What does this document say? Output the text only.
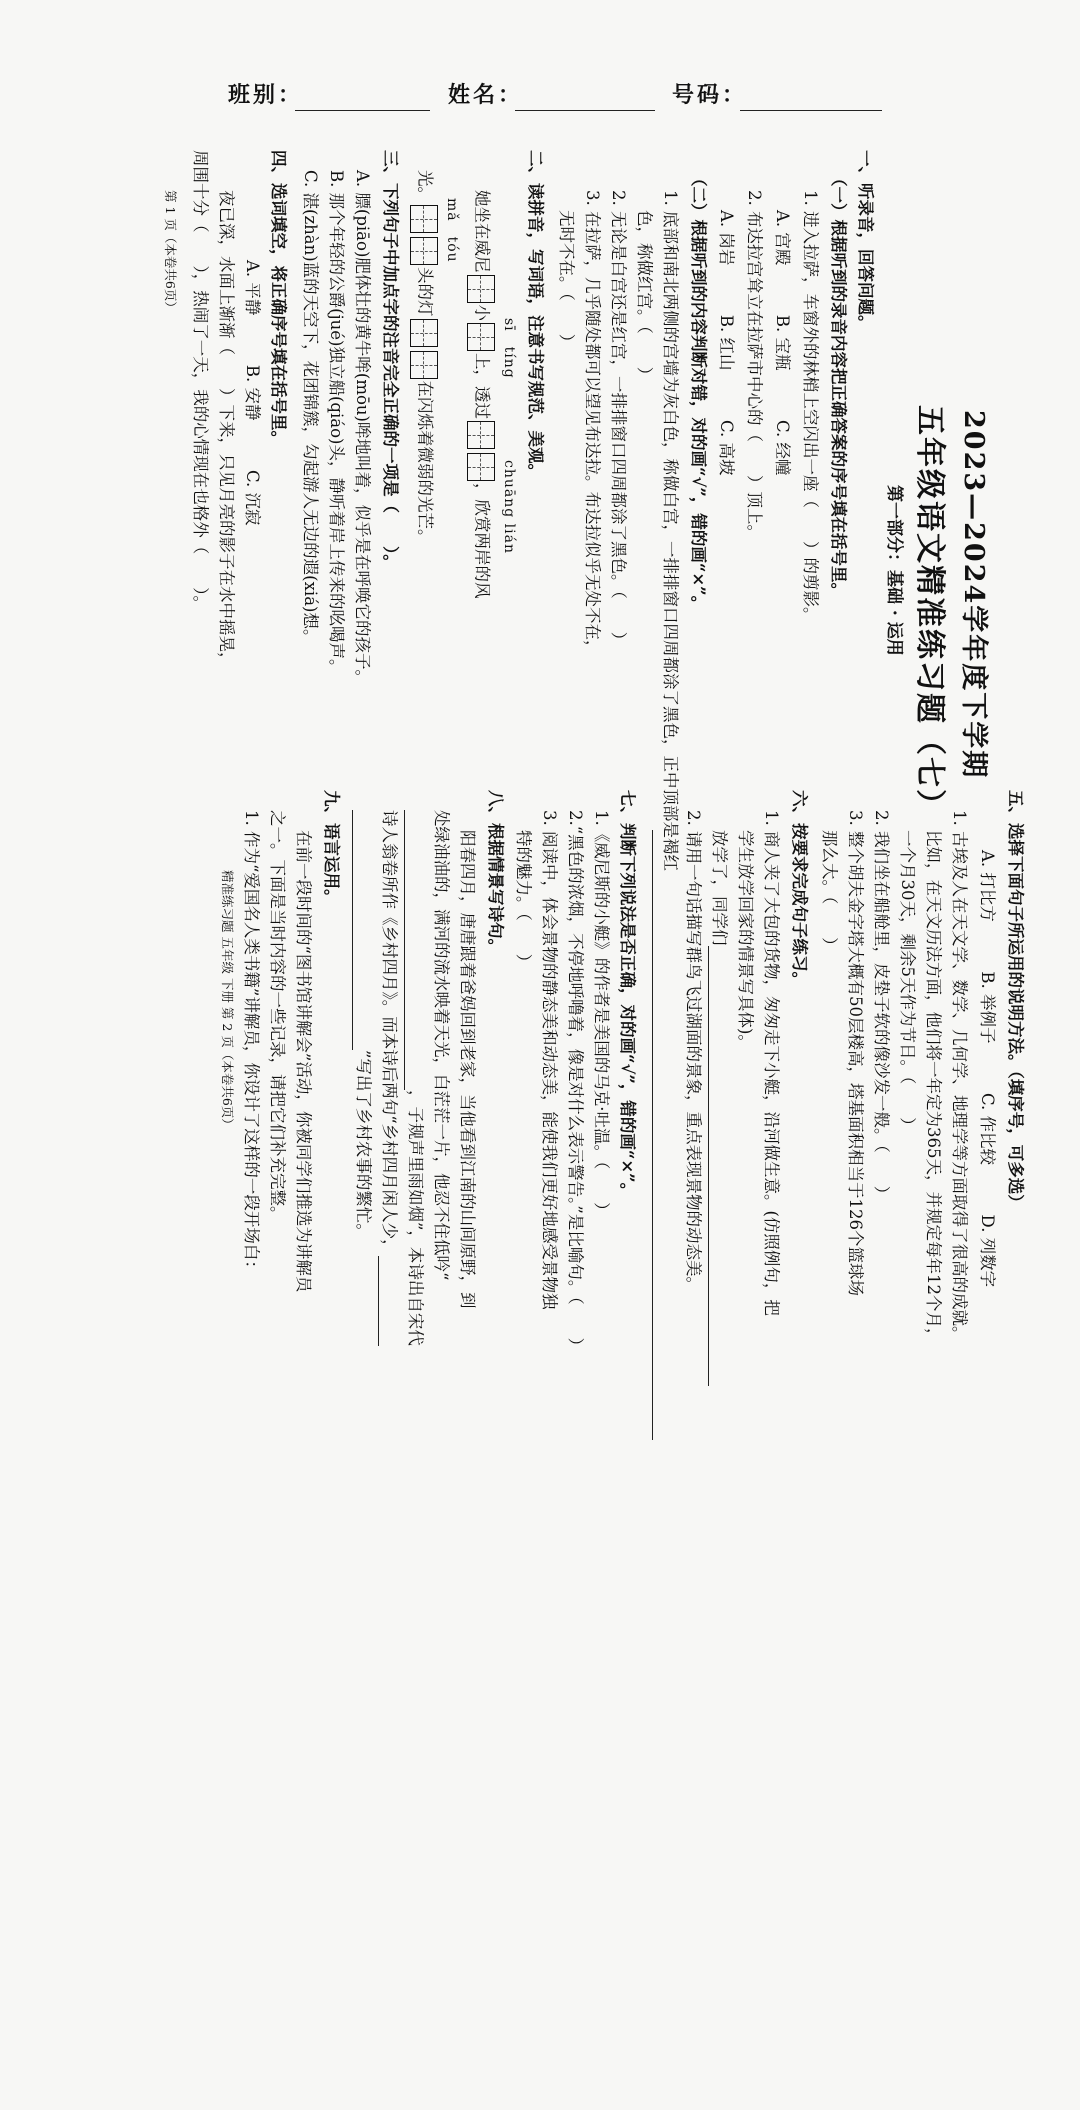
班别：	姓名：	号码：
2023—2024学年度下学期
五年级语文精准练习题（七）
第一部分：基础 · 运用
一、听录音，回答问题。
（一）根据听到的录音内容把正确答案的序号填在括号里。
1. 进入拉萨，车窗外的林梢上空闪出一座（　　）的剪影。
A. 宫殿　　　B. 宝瓶　　　C. 经幢
2. 布达拉宫耸立在拉萨市中心的（　　）顶上。
A. 岗岩　　　B. 红山　　　C. 高坡
（二）根据听到的内容判断对错，对的画“√”，错的画“×”。
1. 底部和南北两侧的宫墙为灰白色，称做白宫，一排排窗口四周都涂了黑色，正中顶部是褐红
色，称做红宫。（　　）
2. 无论是白宫还是红宫，一排排窗口四周都涂了黑色。（　　）
3. 在拉萨，几乎随处都可以望见布达拉。布达拉似乎无处不在，
无时不在。（　　）
二、读拼音，写词语，注意书写规范、美观。
sī　tíng
chuāng lián
她坐在威尼小上，透过，欣赏两岸的风
mǎ　tóu
光。头的灯在闪烁着微弱的光芒。
三、下列句子中加点字的注音完全正确的一项是（　　）。
A. 膘(piāo)肥体壮的黄牛哞(mōu)哞地叫着，似乎是在呼唤它的孩子。
B. 那个年轻的公爵(jué)独立船(qiáo)头，静听着岸上传来的吆喝声。
C. 湛(zhàn)蓝的天空下，花团锦簇，勾起游人无边的遐(xiá)想。
四、选词填空，将正确序号填在括号里。
A. 平静　　　B. 安静　　　C. 沉寂
夜已深，水面上渐渐（　　）下来，只见月亮的影子在水中摇晃，
周围十分（　　），热闹了一天，我的心情现在也格外（　　）。
第 1 页（本卷共6页）
五、选择下面句子所运用的说明方法。（填序号，可多选）
A. 打比方　　　B. 举例子　　　C. 作比较　　　D. 列数字
1. 古埃及人在天文学、数学、几何学、地理学等方面取得了很高的成就。
比如，在天文历法方面，他们将一年定为365天，并规定每年12个月，
一个月30天，剩余5天作为节日。（　　）
2. 我们坐在船舱里，皮垫子软的像沙发一般。（　　）
3. 整个胡夫金字塔大概有50层楼高，塔基面积相当于126个篮球场
那么大。（　　）
六、按要求完成句子练习。
1. 商人夹了大包的货物，匆匆走下小艇，沿河做生意。(仿照例句，把
学生放学回家的情景写具体)。
放学了，同学们
2. 请用一句话描写群鸟飞过湖面的景象，重点表现景物的动态美。
七、判断下列说法是否正确，对的画“√”，错的画“×”。
1.《威尼斯的小艇》的作者是美国的马克·吐温。（　　）
2.“黑色的浓烟，不停地呼噜着，像是对什么表示警告。”是比喻句。（　　）
3. 阅读中，体会景物的静态美和动态美，能使我们更好地感受景物独
特的魅力。（　　）
八、根据情景写诗句。
阳春四月，唐唐跟着爸妈回到老家，当他看到江南的山间原野，到
处绿油油的，满河的流水映着天光，白茫茫一片，他忍不住低吟“
，子规声里雨如烟”，本诗出自宋代
诗人翁卷所作《乡村四月》。而本诗后两句“乡村四月闲人少，
”写出了乡村农事的繁忙。
九、语言运用。
在前一段时间的“图书馆讲解会”活动，你被同学们推选为讲解员
之一。下面是当时内容的一些记录，请把它们补充完整。
1. 作为“爱国名人类书籍”讲解员，你设计了这样的一段开场白：
精准练习题 五年级 下册 第 2 页（本卷共6页）
